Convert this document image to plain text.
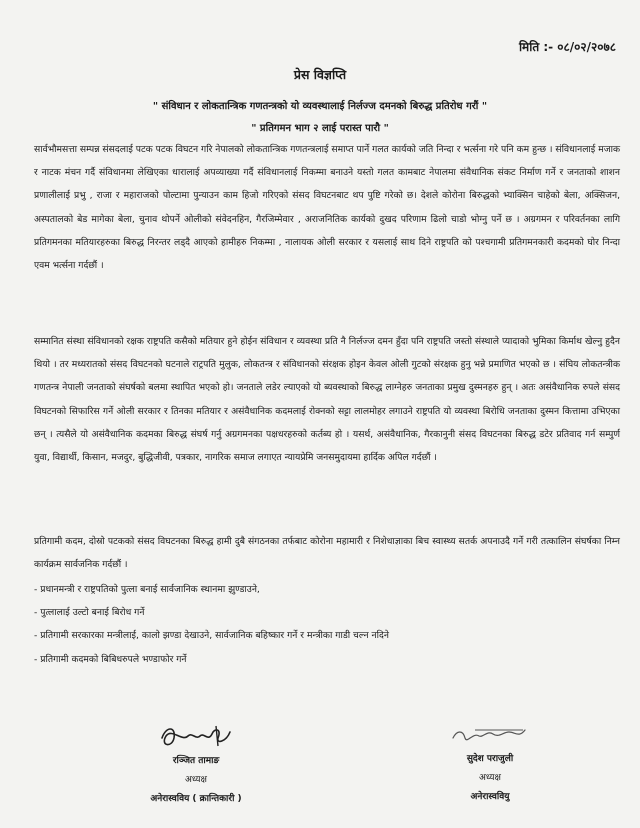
मिति :- ०८/०२/२०७८
प्रेस विज्ञप्ति
" संविधान र लोकतान्त्रिक गणतन्त्रको यो व्यवस्थालाई निर्लज्ज दमनको बिरुद्ध प्रतिरोध गरौं "
" प्रतिगमन भाग २ लाई परास्त पारौ "

सार्वभौमसत्ता सम्पन्न संसदलाई पटक पटक विघटन गरि नेपालको लोकतान्त्रिक गणतन्त्रलाई समाप्त पार्ने गलत कार्यको जति निन्दा र भर्त्सना गरे पनि कम हुन्छ । संविधानलाई मजाक र नाटक मंचन गर्दै संविधानमा लेखिएका धारालाई अपव्याख्या गर्दै संविधानलाई निकम्मा बनाउने यस्तो गलत कामबाट नेपालमा संवैधानिक संकट निर्माण गर्ने र जनताको शाशन प्रणालीलाई प्रभु , राजा र महाराजको पोल्टामा पुन्याउन काम हिजो गरिएको संसद विघटनबाट थप पुष्टि गरेको छ। देशले कोरोना बिरुद्धको भ्याक्सिन चाहेको बेला, अक्सिजन, अस्पतालको बेड मागेका बेला, चुनाव थोपर्ने ओलीको संवेदनहिन, गैरजिम्मेवार , अराजनितिक कार्यको दुखद परिणाम ढिलो चाडो भोग्नु पर्ने छ । अग्रगमन र परिवर्तनका लागि प्रतिगमनका मतियारहरुका बिरुद्ध निरन्तर लड्दै आएको हामीहरु निकम्मा , नालायक ओली सरकार र यसलाई साथ दिने राष्ट्रपति को पश्चगामी प्रतिगमनकारी कदमको घोर निन्दा एवम भर्त्सना गर्दछौं ।

सम्मानित संस्था संविधानको रक्षक राष्ट्रपति कसैको मतियार हुने होईन संविधान र व्यवस्था प्रति नै निर्लज्ज दमन हुँदा पनि राष्ट्रपति जस्तो संस्थाले प्यादाको भुमिका किर्माथ खेल्नु हुदैन थियो । तर मध्यरातको संसद विघटनको घटनाले राट्रपति मुलुक, लोकतन्त्र र संविधानको संरक्षक होइन केवल ओली गुटको संरक्षक हुनु भन्ने प्रमाणित भएको छ । संघिय लोकतन्त्रीक गणतन्त्र नेपाली जनताको संघर्षको बलमा स्थापित भएको हो। जनताले लडेर ल्याएको यो ब्यवस्थाको बिरुद्ध लाग्नेहरु जनताका प्रमुख दुस्मनहरु हुन् । अतः असंवैधानिक रुपले संसद विघटनको सिफारिस गर्ने ओली सरकार र तिनका मतियार र असंवैधानिक कदमलाई रोक्नको सट्टा लालमोहर लगाउने राष्ट्रपति यो व्यवस्था बिरोधि जनताका दुस्मन कित्तामा उभिएका छन् । त्यसैले यो असंवैधानिक कदमका बिरुद्ध संघर्ष गर्नु अग्रगमनका पक्षधरहरुको कर्तब्य हो । यसर्थ, असंवैधानिक, गैरकानुनी संसद विघटनका बिरुद्ध डटेर प्रतिवाद गर्न सम्पुर्ण युवा, विद्यार्थी, किसान, मजदुर, बुद्धिजीवी, पत्रकार, नागरिक समाज लगाएत न्यायप्रेमि जनसमुदायमा हार्दिक अपिल गर्दछौं ।

प्रतिगामी कदम, दोस्रो पटकको संसद विघटनका बिरुद्ध हामी दुबै संगठनका तर्फबाट कोरोना महामारी र निशेधाज्ञाका बिच स्वास्थ्य सतर्क अपनाउदै गर्ने गरी तत्कालिन संघर्षका निम्न कार्यक्रम सार्वजनिक गर्दछौं ।

- प्रधानमन्त्री र राष्ट्रपतिको पुत्ला बनाई सार्वजानिक स्थानमा झुण्डाउने,
- पुत्लालाई उल्टो बनाई बिरोध गर्ने
- प्रतिगामी सरकारका मन्त्रीलाई, कालो झण्डा देखाउने, सार्वजानिक बहिष्कार गर्ने र मन्त्रीका गाडी चल्न नदिने
- प्रतिगामी कदमको बिबिधरुपले भण्डाफोर गर्ने
रञ्जित तामाङ
अध्यक्ष
अनेरास्वविय ( क्रान्तिकारी )
सुदेश पराजुली
अध्यक्ष
अनेरास्ववियु
